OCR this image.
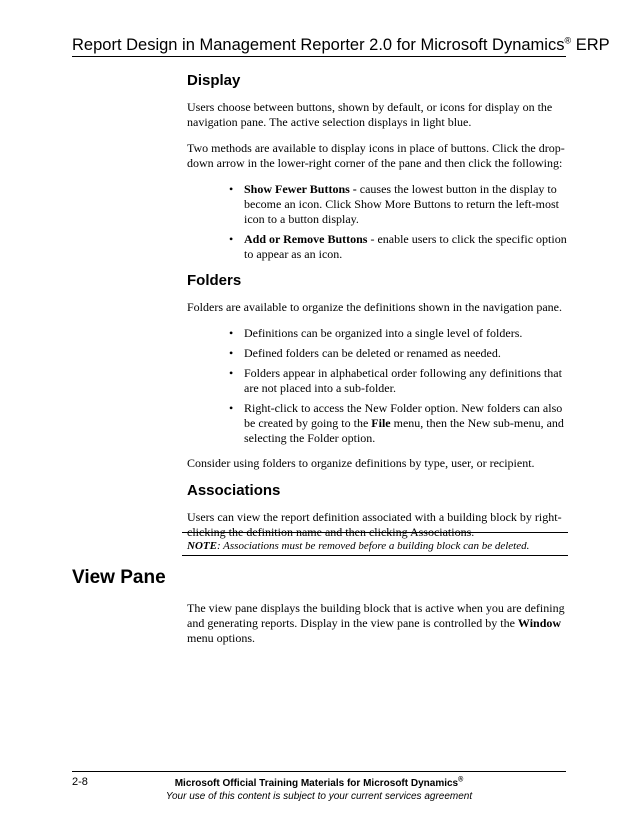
Report Design in Management Reporter 2.0 for Microsoft Dynamics® ERP
Display

Users choose between buttons, shown by default, or icons for display on the navigation pane. The active selection displays in light blue.

Two methods are available to display icons in place of buttons. Click the drop-down arrow in the lower-right corner of the pane and then click the following:

• Show Fewer Buttons - causes the lowest button in the display to become an icon. Click Show More Buttons to return the left-most icon to a button display.
• Add or Remove Buttons - enable users to click the specific option to appear as an icon.
Folders

Folders are available to organize the definitions shown in the navigation pane.

• Definitions can be organized into a single level of folders.
• Defined folders can be deleted or renamed as needed.
• Folders appear in alphabetical order following any definitions that are not placed into a sub-folder.
• Right-click to access the New Folder option. New folders can also be created by going to the File menu, then the New sub-menu, and selecting the Folder option.

Consider using folders to organize definitions by type, user, or recipient.

Associations

Users can view the report definition associated with a building block by right-clicking the definition name and then clicking Associations.

NOTE: Associations must be removed before a building block can be deleted.
View Pane
The view pane displays the building block that is active when you are defining and generating reports. Display in the view pane is controlled by the Window menu options.
2-8	Microsoft Official Training Materials for Microsoft Dynamics®
Your use of this content is subject to your current services agreement
